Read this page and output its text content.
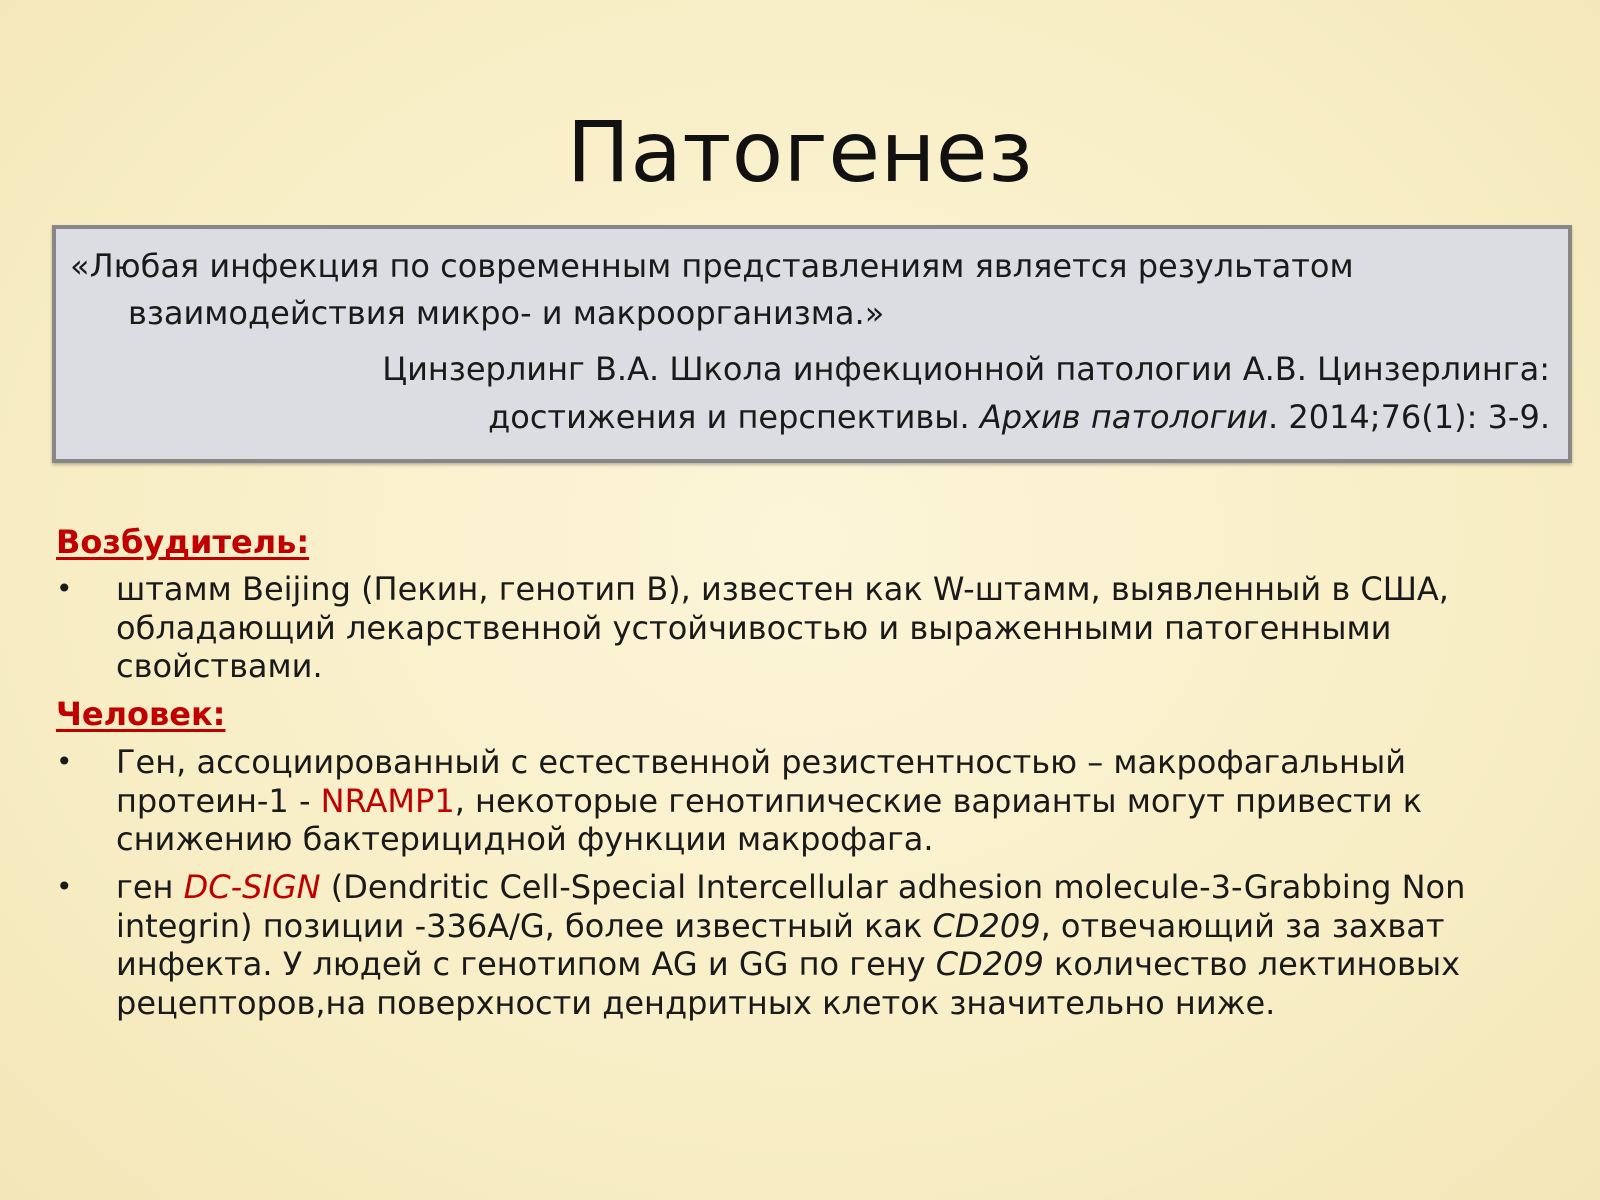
Патогенез
«Любая инфекция по современным представлениям является результатом
взаимодействия микро- и макроорганизма.»
Цинзерлинг В.А. Школа инфекционной патологии А.В. Цинзерлинга:
достижения и перспективы. Архив патологии. 2014;76(1): 3-9.
Возбудитель:
• штамм Beijing (Пекин, генотип B), известен как W-штамм, выявленный в США, обладающий лекарственной устойчивостью и выраженными патогенными свойствами.
Человек:
• Ген, ассоциированный с естественной резистентностью – макрофагальный протеин-1 - NRAMP1, некоторые генотипические варианты могут привести к снижению бактерицидной функции макрофага.
• ген DC-SIGN (Dendritic Cell-Special Intercellular adhesion molecule-3-Grabbing Non integrin) позиции -336A/G, более известный как CD209, отвечающий за захват инфекта. У людей с генотипом AG и GG по гену CD209 количество лектиновых рецепторов,на поверхности дендритных клеток значительно ниже.
